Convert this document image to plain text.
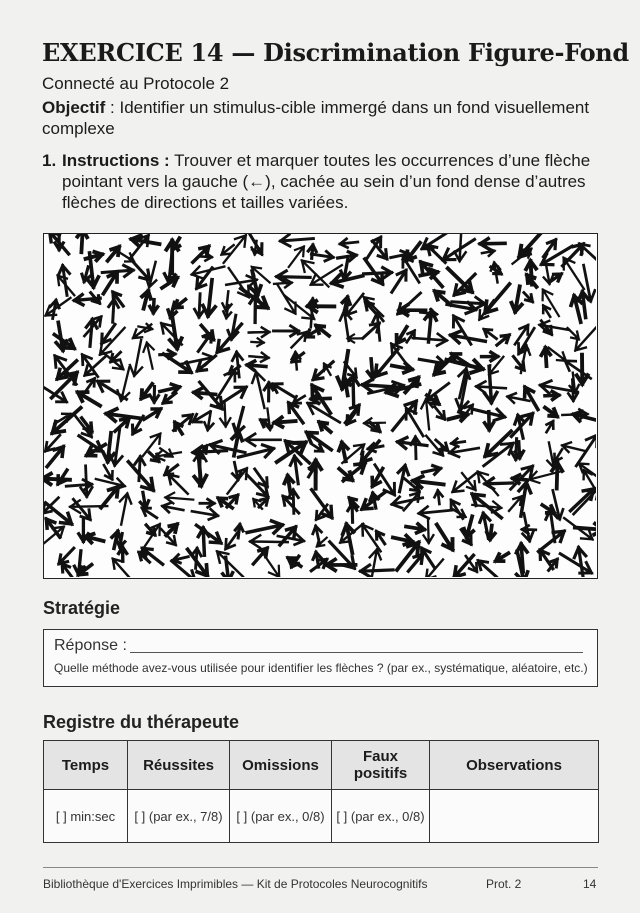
EXERCICE 14 — Discrimination Figure-Fond
Connecté au Protocole 2
Objectif : Identifier un stimulus-cible immergé dans un fond visuellement complexe
1. Instructions : Trouver et marquer toutes les occurrences d’une flèche pointant vers la gauche (←), cachée au sein d’un fond dense d’autres flèches de directions et tailles variées.
Stratégie
Réponse :
Quelle méthode avez-vous utilisée pour identifier les flèches ? (par ex., systématique, aléatoire, etc.)
Registre du thérapeute
Temps	Réussites	Omissions	Faux positifs	Observations
[ ] min:sec	[ ] (par ex., 7/8)	[ ] (par ex., 0/8)	[ ] (par ex., 0/8)	
Bibliothèque d'Exercices Imprimibles — Kit de Protocoles Neurocognitifs	Prot. 2	14
